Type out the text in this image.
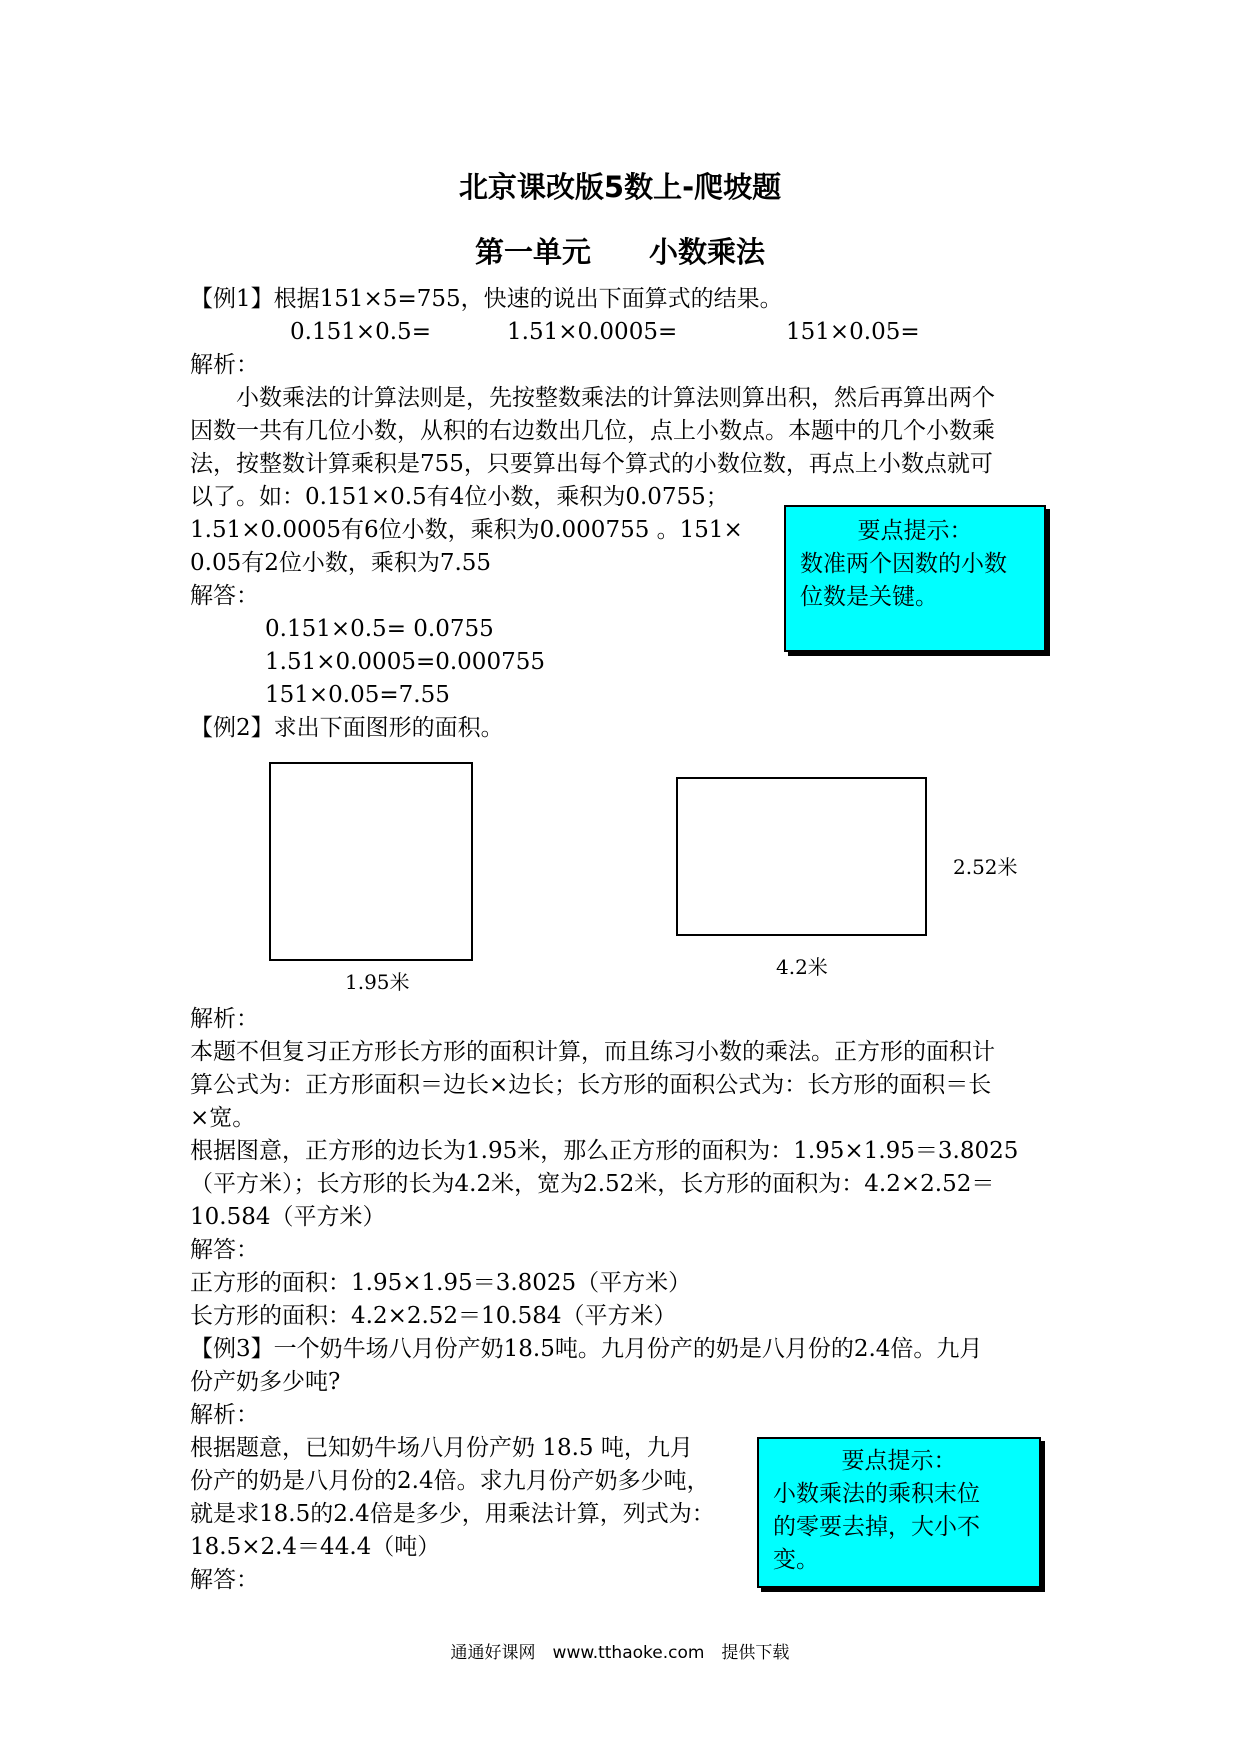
北京课改版5数上-爬坡题
第一单元　　小数乘法
【例1】根据151×5=755，快速的说出下面算式的结果。
0.151×0.5=	1.51×0.0005=	151×0.05=
解析：
　　小数乘法的计算法则是，先按整数乘法的计算法则算出积，然后再算出两个
因数一共有几位小数，从积的右边数出几位，点上小数点。本题中的几个小数乘
法，按整数计算乘积是755，只要算出每个算式的小数位数，再点上小数点就可
以了。如：0.151×0.5有4位小数，乘积为0.0755；
1.51×0.0005有6位小数，乘积为0.000755 。151×
0.05有2位小数，乘积为7.55
解答：
0.151×0.5= 0.0755
1.51×0.0005=0.000755
151×0.05=7.55
要点提示：
数准两个因数的小数
位数是关键。
【例2】求出下面图形的面积。
1.95米
4.2米
2.52米
解析：
本题不但复习正方形长方形的面积计算，而且练习小数的乘法。正方形的面积计
算公式为：正方形面积＝边长×边长；长方形的面积公式为：长方形的面积＝长
×宽。
根据图意，正方形的边长为1.95米，那么正方形的面积为：1.95×1.95＝3.8025
（平方米）；长方形的长为4.2米，宽为2.52米，长方形的面积为：4.2×2.52＝
10.584（平方米）
解答：
正方形的面积：1.95×1.95＝3.8025（平方米）
长方形的面积：4.2×2.52＝10.584（平方米）
【例3】一个奶牛场八月份产奶18.5吨。九月份产的奶是八月份的2.4倍。九月
份产奶多少吨?
解析：
根据题意，已知奶牛场八月份产奶 18.5 吨，九月
份产的奶是八月份的2.4倍。求九月份产奶多少吨，
就是求18.5的2.4倍是多少，用乘法计算，列式为：
18.5×2.4＝44.4（吨）
解答：
要点提示：
小数乘法的乘积末位
的零要去掉，大小不
变。
通通好课网　www.tthaoke.com　提供下载
